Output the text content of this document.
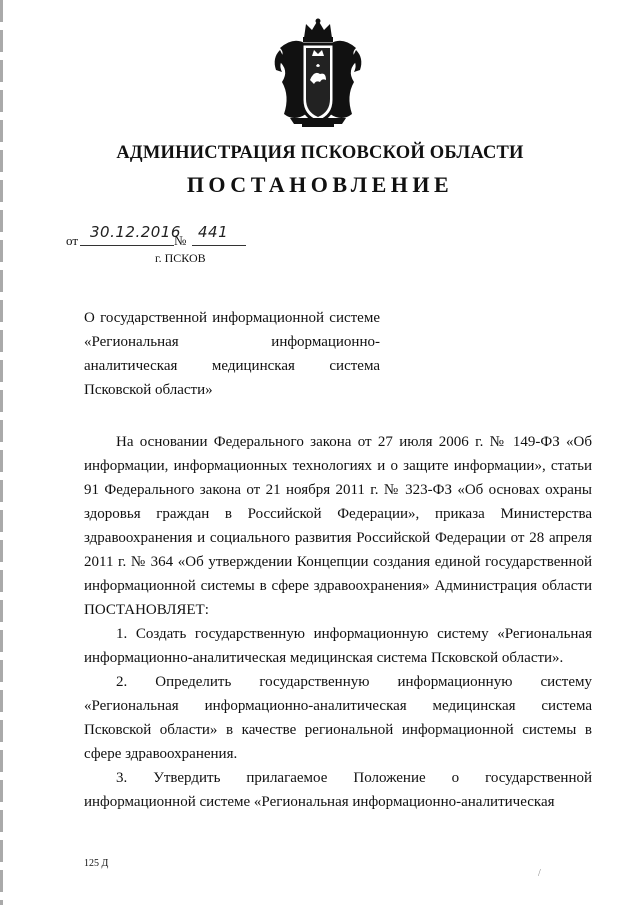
АДМИНИСТРАЦИЯ ПСКОВСКОЙ ОБЛАСТИ
ПОСТАНОВЛЕНИЕ
от 30.12.2016
№ 441
г. ПСКОВ
О государственной информационной системе «Региональная информационно-аналитическая медицинская система Псковской области»

На основании Федерального закона от 27 июля 2006 г. № 149-ФЗ «Об информации, информационных технологиях и о защите информации», статьи 91 Федерального закона от 21 ноября 2011 г. № 323-ФЗ «Об основах охраны здоровья граждан в Российской Федерации», приказа Министерства здравоохранения и социального развития Российской Федерации от 28 апреля 2011 г. № 364 «Об утверждении Концепции создания единой государственной информационной системы в сфере здравоохранения» Администрация области ПОСТАНОВЛЯЕТ:

1. Создать государственную информационную систему «Региональная информационно-аналитическая медицинская система Псковской области».

2. Определить государственную информационную систему «Региональная информационно-аналитическая медицинская система Псковской области» в качестве региональной информационной системы в сфере здравоохранения.

3. Утвердить прилагаемое Положение о государственной информационной системе «Региональная информационно-аналитическая

125 Д
/
